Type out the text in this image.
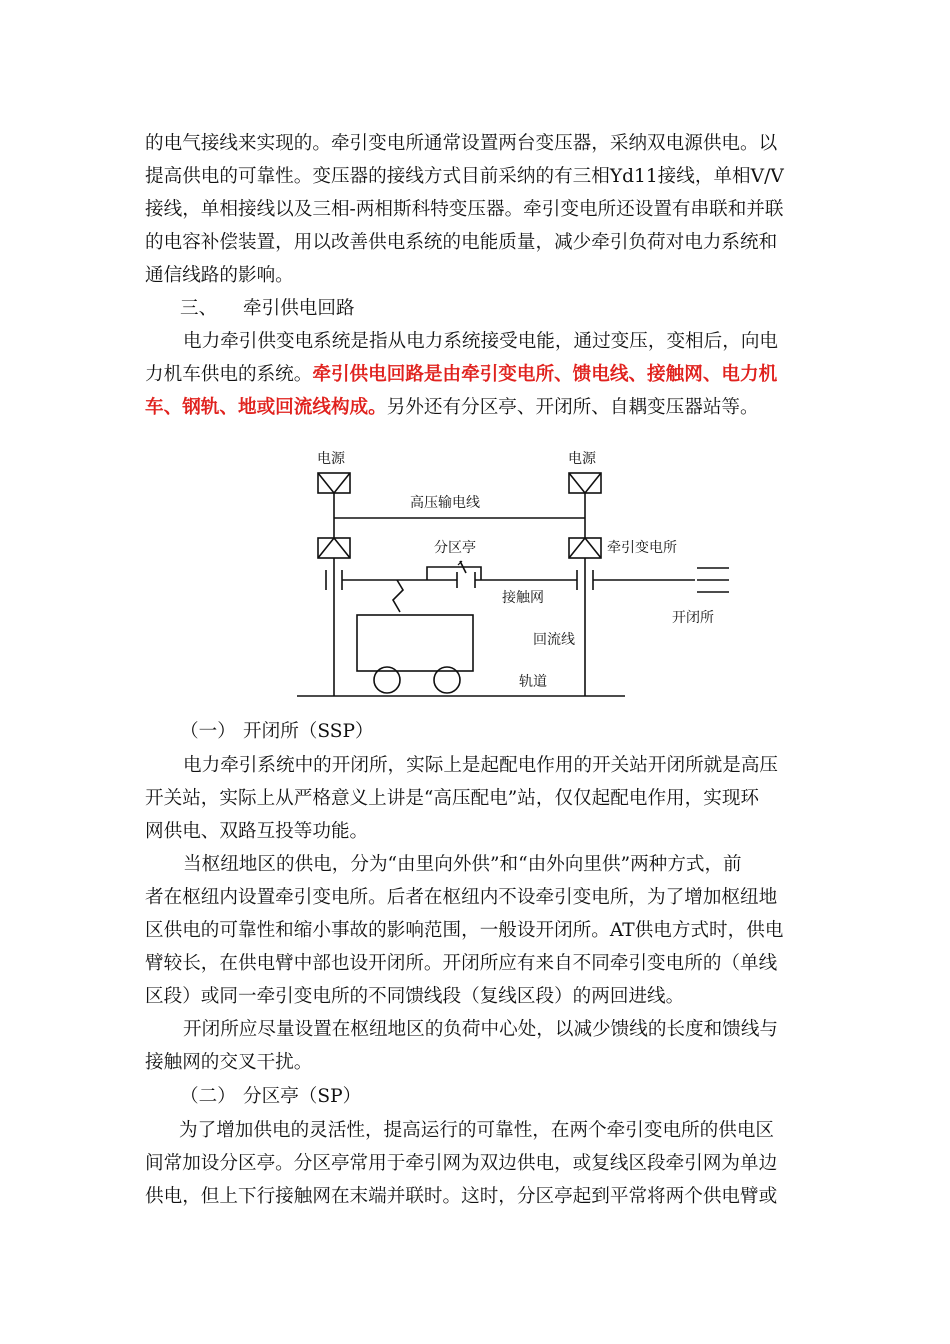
的电气接线来实现的。牵引变电所通常设置两台变压器，采纳双电源供电。以
提高供电的可靠性。变压器的接线方式目前采纳的有三相Yd11接线，单相V/V
接线，单相接线以及三相-两相斯科特变压器。牵引变电所还设置有串联和并联
的电容补偿装置，用以改善供电系统的电能质量，减少牵引负荷对电力系统和
通信线路的影响。
三、 牵引供电回路
电力牵引供变电系统是指从电力系统接受电能，通过变压，变相后，向电
力机车供电的系统。牵引供电回路是由牵引变电所、馈电线、接触网、电力机
车、钢轨、地或回流线构成。另外还有分区亭、开闭所、自耦变压器站等。
电源	电源
高压输电线
牵引变电所
接触网
分区亭
开闭所
回流线
轨道
（一） 开闭所（SSP）
电力牵引系统中的开闭所，实际上是起配电作用的开关站开闭所就是高压
开关站，实际上从严格意义上讲是“高压配电”站，仅仅起配电作用，实现环
网供电、双路互投等功能。
当枢纽地区的供电，分为“由里向外供”和“由外向里供”两种方式，前
者在枢纽内设置牵引变电所。后者在枢纽内不设牵引变电所，为了增加枢纽地
区供电的可靠性和缩小事故的影响范围，一般设开闭所。AT供电方式时，供电
臂较长，在供电臂中部也设开闭所。开闭所应有来自不同牵引变电所的（单线
区段）或同一牵引变电所的不同馈线段（复线区段）的两回进线。
开闭所应尽量设置在枢纽地区的负荷中心处，以减少馈线的长度和馈线与
接触网的交叉干扰。
（二） 分区亭（SP）
为了增加供电的灵活性，提高运行的可靠性，在两个牵引变电所的供电区
间常加设分区亭。分区亭常用于牵引网为双边供电，或复线区段牵引网为单边
供电，但上下行接触网在末端并联时。这时，分区亭起到平常将两个供电臂或
